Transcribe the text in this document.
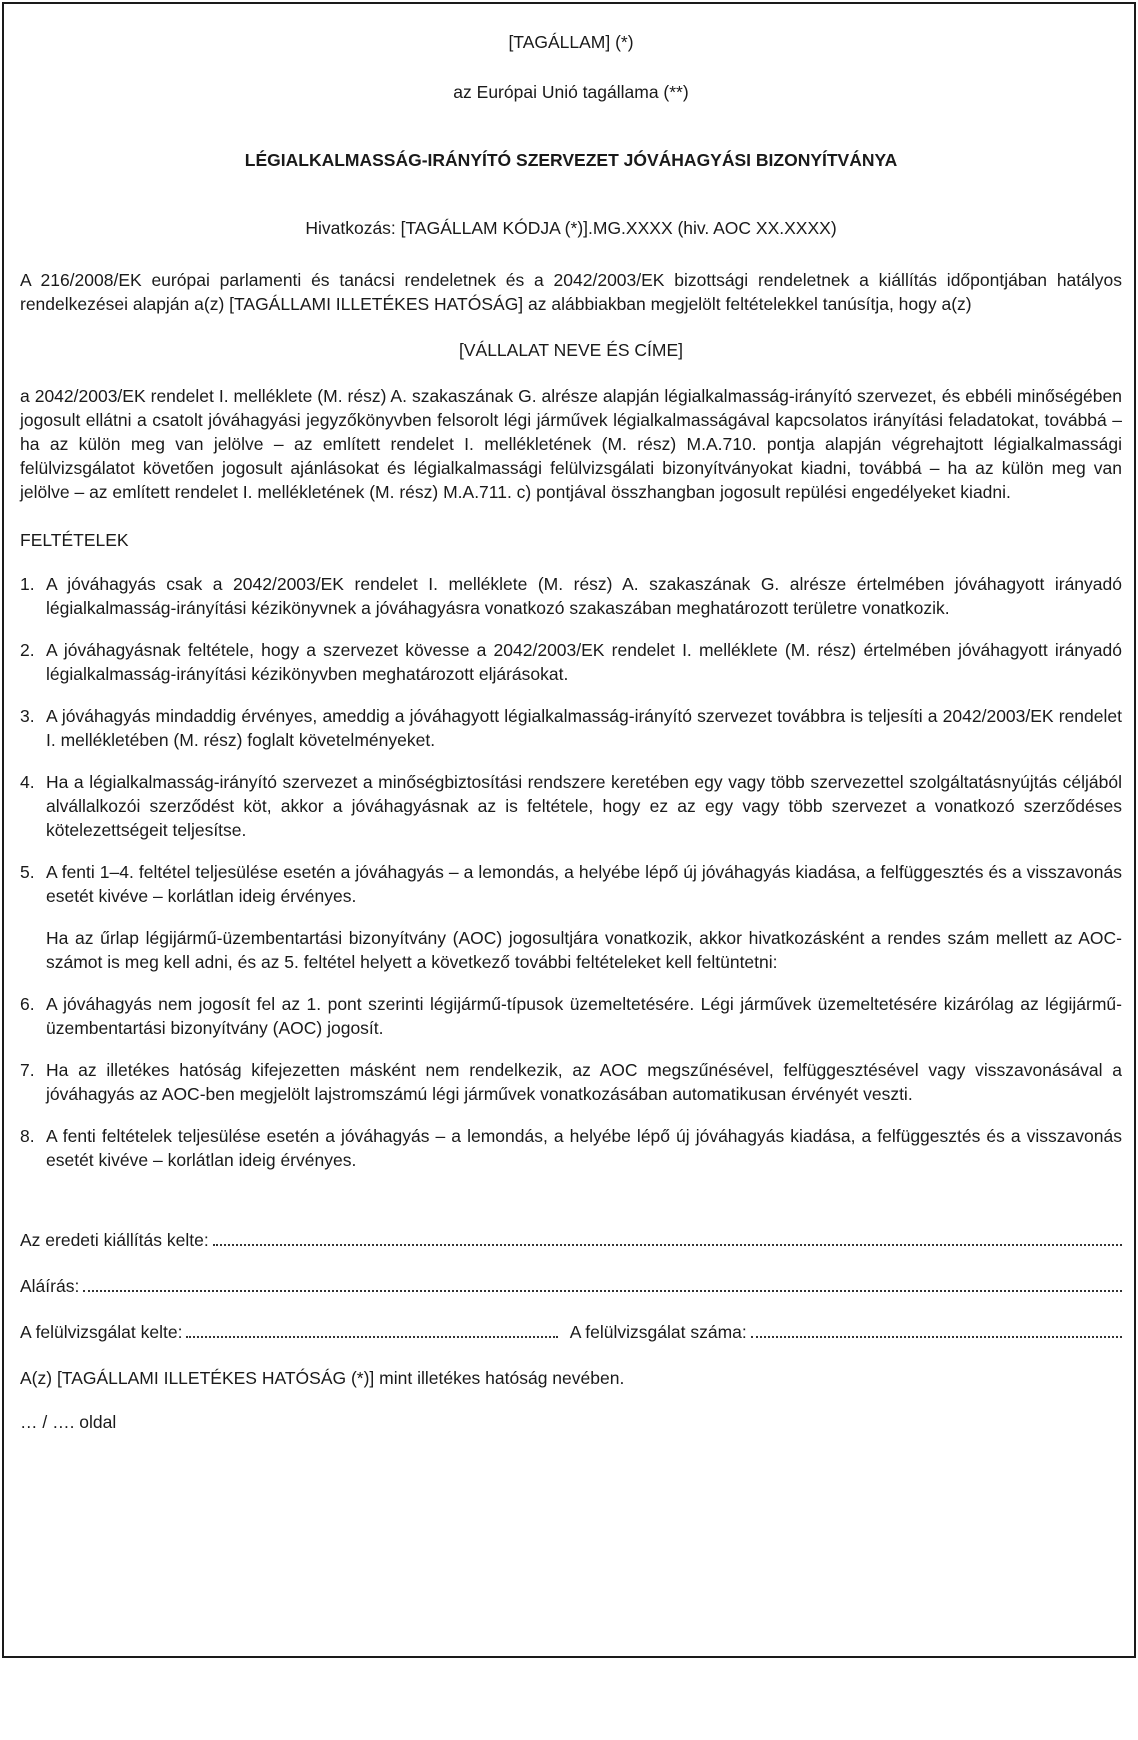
[TAGÁLLAM] (*)

az Európai Unió tagállama (**)

LÉGIALKALMASSÁG-IRÁNYÍTÓ SZERVEZET JÓVÁHAGYÁSI BIZONYÍTVÁNYA

Hivatkozás: [TAGÁLLAM KÓDJA (*)].MG.XXXX (hiv. AOC XX.XXXX)

A 216/2008/EK európai parlamenti és tanácsi rendeletnek és a 2042/2003/EK bizottsági rendeletnek a kiállítás időpontjában hatályos rendelkezései alapján a(z) [TAGÁLLAMI ILLETÉKES HATÓSÁG] az alábbiakban megjelölt feltételekkel tanúsítja, hogy a(z)

[VÁLLALAT NEVE ÉS CÍME]

a 2042/2003/EK rendelet I. melléklete (M. rész) A. szakaszának G. alrésze alapján légialkalmasság-irányító szervezet, és ebbéli minőségében jogosult ellátni a csatolt jóváhagyási jegyzőkönyvben felsorolt légi járművek légialkalmasságával kapcsolatos irányítási feladatokat, továbbá – ha az külön meg van jelölve – az említett rendelet I. mellékletének (M. rész) M.A.710. pontja alapján végrehajtott légialkalmassági felülvizsgálatot követően jogosult ajánlásokat és légialkalmassági felülvizsgálati bizonyítványokat kiadni, továbbá – ha az külön meg van jelölve – az említett rendelet I. mellékletének (M. rész) M.A.711. c) pontjával összhangban jogosult repülési engedélyeket kiadni.

FELTÉTELEK

1. A jóváhagyás csak a 2042/2003/EK rendelet I. melléklete (M. rész) A. szakaszának G. alrésze értelmében jóváhagyott irányadó légialkalmasság-irányítási kézikönyvnek a jóváhagyásra vonatkozó szakaszában meghatározott területre vonatkozik.
2. A jóváhagyásnak feltétele, hogy a szervezet kövesse a 2042/2003/EK rendelet I. melléklete (M. rész) értelmében jóváhagyott irányadó légialkalmasság-irányítási kézikönyvben meghatározott eljárásokat.
3. A jóváhagyás mindaddig érvényes, ameddig a jóváhagyott légialkalmasság-irányító szervezet továbbra is teljesíti a 2042/2003/EK rendelet I. mellékletében (M. rész) foglalt követelményeket.
4. Ha a légialkalmasság-irányító szervezet a minőségbiztosítási rendszere keretében egy vagy több szervezettel szolgáltatásnyújtás céljából alvállalkozói szerződést köt, akkor a jóváhagyásnak az is feltétele, hogy ez az egy vagy több szervezet a vonatkozó szerződéses kötelezettségeit teljesítse.
5. A fenti 1–4. feltétel teljesülése esetén a jóváhagyás – a lemondás, a helyébe lépő új jóváhagyás kiadása, a felfüggesztés és a visszavonás esetét kivéve – korlátlan ideig érvényes.

Ha az űrlap légijármű-üzembentartási bizonyítvány (AOC) jogosultjára vonatkozik, akkor hivatkozásként a rendes szám mellett az AOC-számot is meg kell adni, és az 5. feltétel helyett a következő további feltételeket kell feltüntetni:

6. A jóváhagyás nem jogosít fel az 1. pont szerinti légijármű-típusok üzemeltetésére. Légi járművek üzemeltetésére kizárólag az légijármű-üzembentartási bizonyítvány (AOC) jogosít.
7. Ha az illetékes hatóság kifejezetten másként nem rendelkezik, az AOC megszűnésével, felfüggesztésével vagy visszavonásával a jóváhagyás az AOC-ben megjelölt lajstromszámú légi járművek vonatkozásában automatikusan érvényét veszti.
8. A fenti feltételek teljesülése esetén a jóváhagyás – a lemondás, a helyébe lépő új jóváhagyás kiadása, a felfüggesztés és a visszavonás esetét kivéve – korlátlan ideig érvényes.
Az eredeti kiállítás kelte:
Aláírás:
A felülvizsgálat kelte:	A felülvizsgálat száma:

A(z) [TAGÁLLAMI ILLETÉKES HATÓSÁG (*)] mint illetékes hatóság nevében.

… / …. oldal
